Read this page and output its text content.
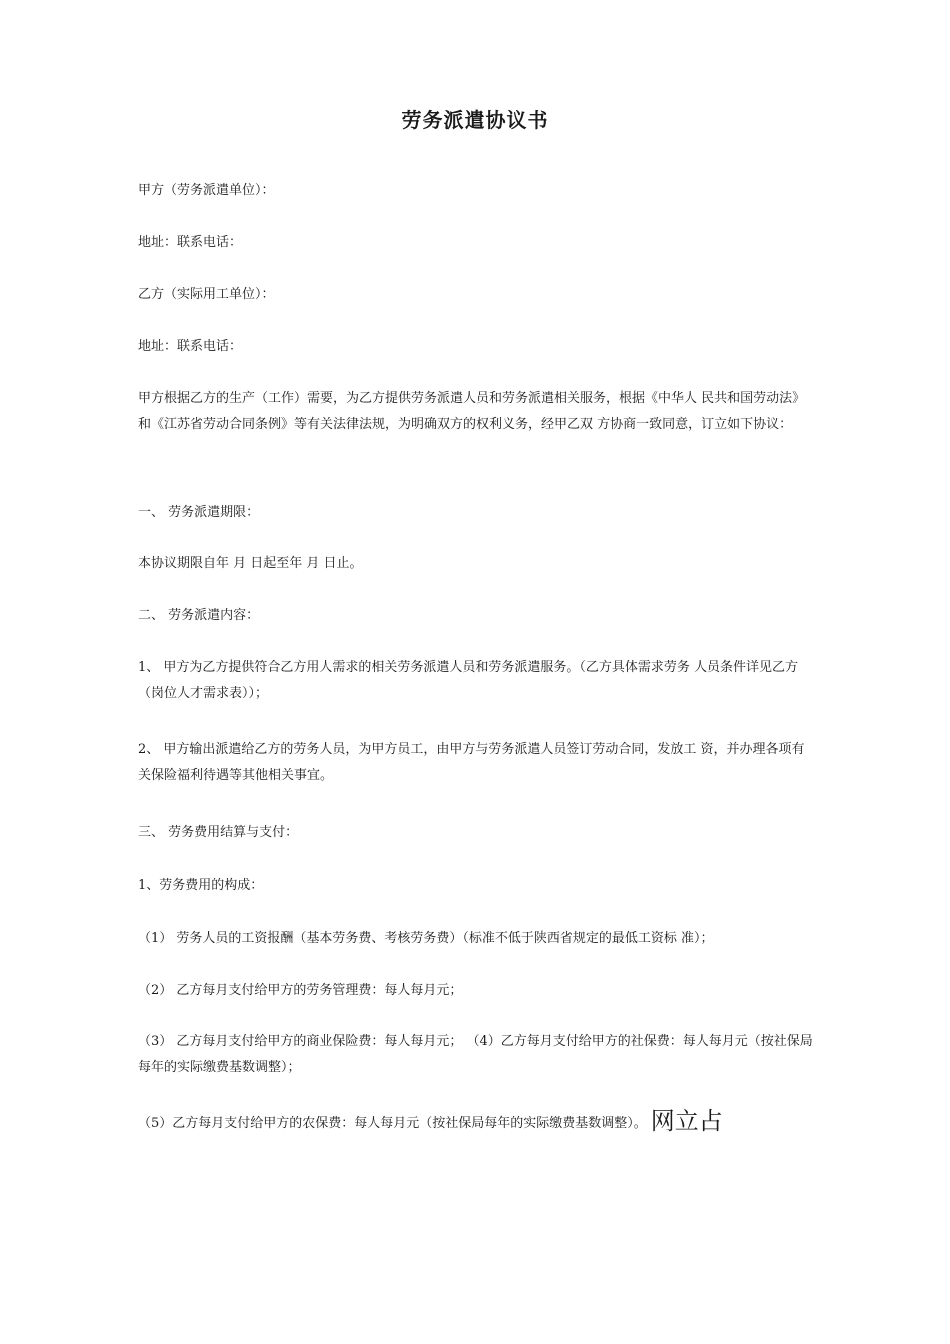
劳务派遣协议书

甲方（劳务派遣单位）：

地址：联系电话：

乙方（实际用工单位）：

地址：联系电话：

甲方根据乙方的生产（工作）需要，为乙方提供劳务派遣人员和劳务派遣相关服务，根据《中华人 民共和国劳动法》和《江苏省劳动合同条例》等有关法律法规，为明确双方的权利义务，经甲乙双 方协商一致同意，订立如下协议：

一、 劳务派遣期限：

本协议期限自年 月 日起至年 月 日止。

二、 劳务派遣内容：

1、 甲方为乙方提供符合乙方用人需求的相关劳务派遣人员和劳务派遣服务。（乙方具体需求劳务 人员条件详见乙方（岗位人才需求表））；

2、 甲方输出派遣给乙方的劳务人员，为甲方员工，由甲方与劳务派遣人员签订劳动合同，发放工 资，并办理各项有关保险福利待遇等其他相关事宜。

三、 劳务费用结算与支付：

1、劳务费用的构成：

（1） 劳务人员的工资报酬（基本劳务费、考核劳务费）（标准不低于陕西省规定的最低工资标 准）；

（2） 乙方每月支付给甲方的劳务管理费：每人每月元；

（3） 乙方每月支付给甲方的商业保险费：每人每月元； （4）乙方每月支付给甲方的社保费：每人每月元（按社保局每年的实际缴费基数调整）；

（5）乙方每月支付给甲方的农保费：每人每月元（按社保局每年的实际缴费基数调整）。 网立占
